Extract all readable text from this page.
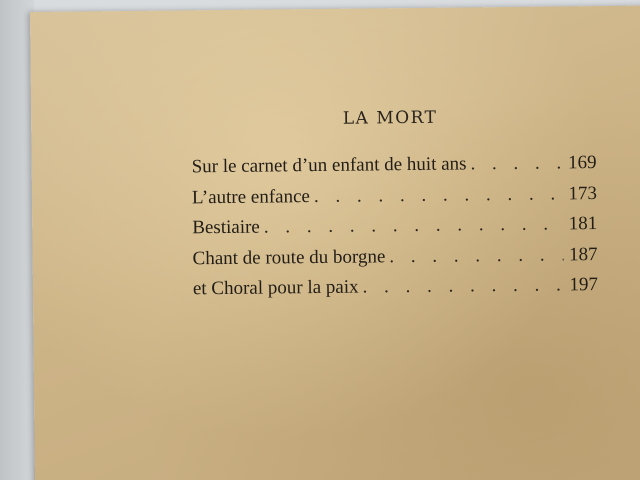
LA MORT
Sur le carnet d’un enfant de huit ans . . .	169
L’autre enfance . . .	173
Bestiaire . . .	181
Chant de route du borgne . . .	187
et Choral pour la paix . . .	197
